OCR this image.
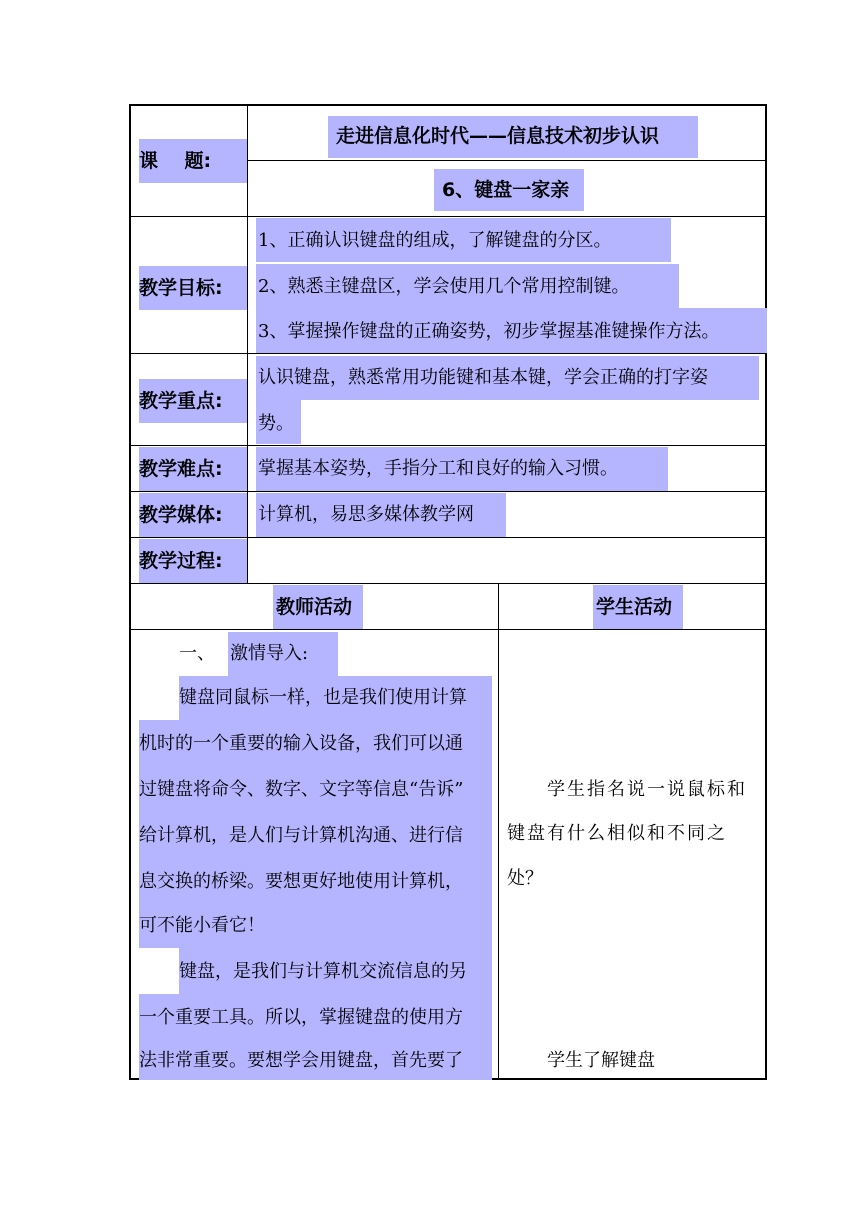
课    题:
走进信息化时代——信息技术初步认识
6、键盘一家亲
教学目标:
1、正确认识键盘的组成，了解键盘的分区。
2、熟悉主键盘区，学会使用几个常用控制键。
3、掌握操作键盘的正确姿势，初步掌握基准键操作方法。
教学重点:
认识键盘，熟悉常用功能键和基本键，学会正确的打字姿
势。
教学难点: 掌握基本姿势，手指分工和良好的输入习惯。
教学媒体: 计算机，易思多媒体教学网
教学过程:
教师活动	学生活动
一、 激情导入:
键盘同鼠标一样，也是我们使用计算
机时的一个重要的输入设备，我们可以通
过键盘将命令、数字、文字等信息“告诉”
给计算机，是人们与计算机沟通、进行信
息交换的桥梁。要想更好地使用计算机，
可不能小看它！
键盘，是我们与计算机交流信息的另
一个重要工具。所以，掌握键盘的使用方
法非常重要。要想学会用键盘，首先要了
学生指名说一说鼠标和
键盘有什么相似和不同之
处？
学生了解键盘
